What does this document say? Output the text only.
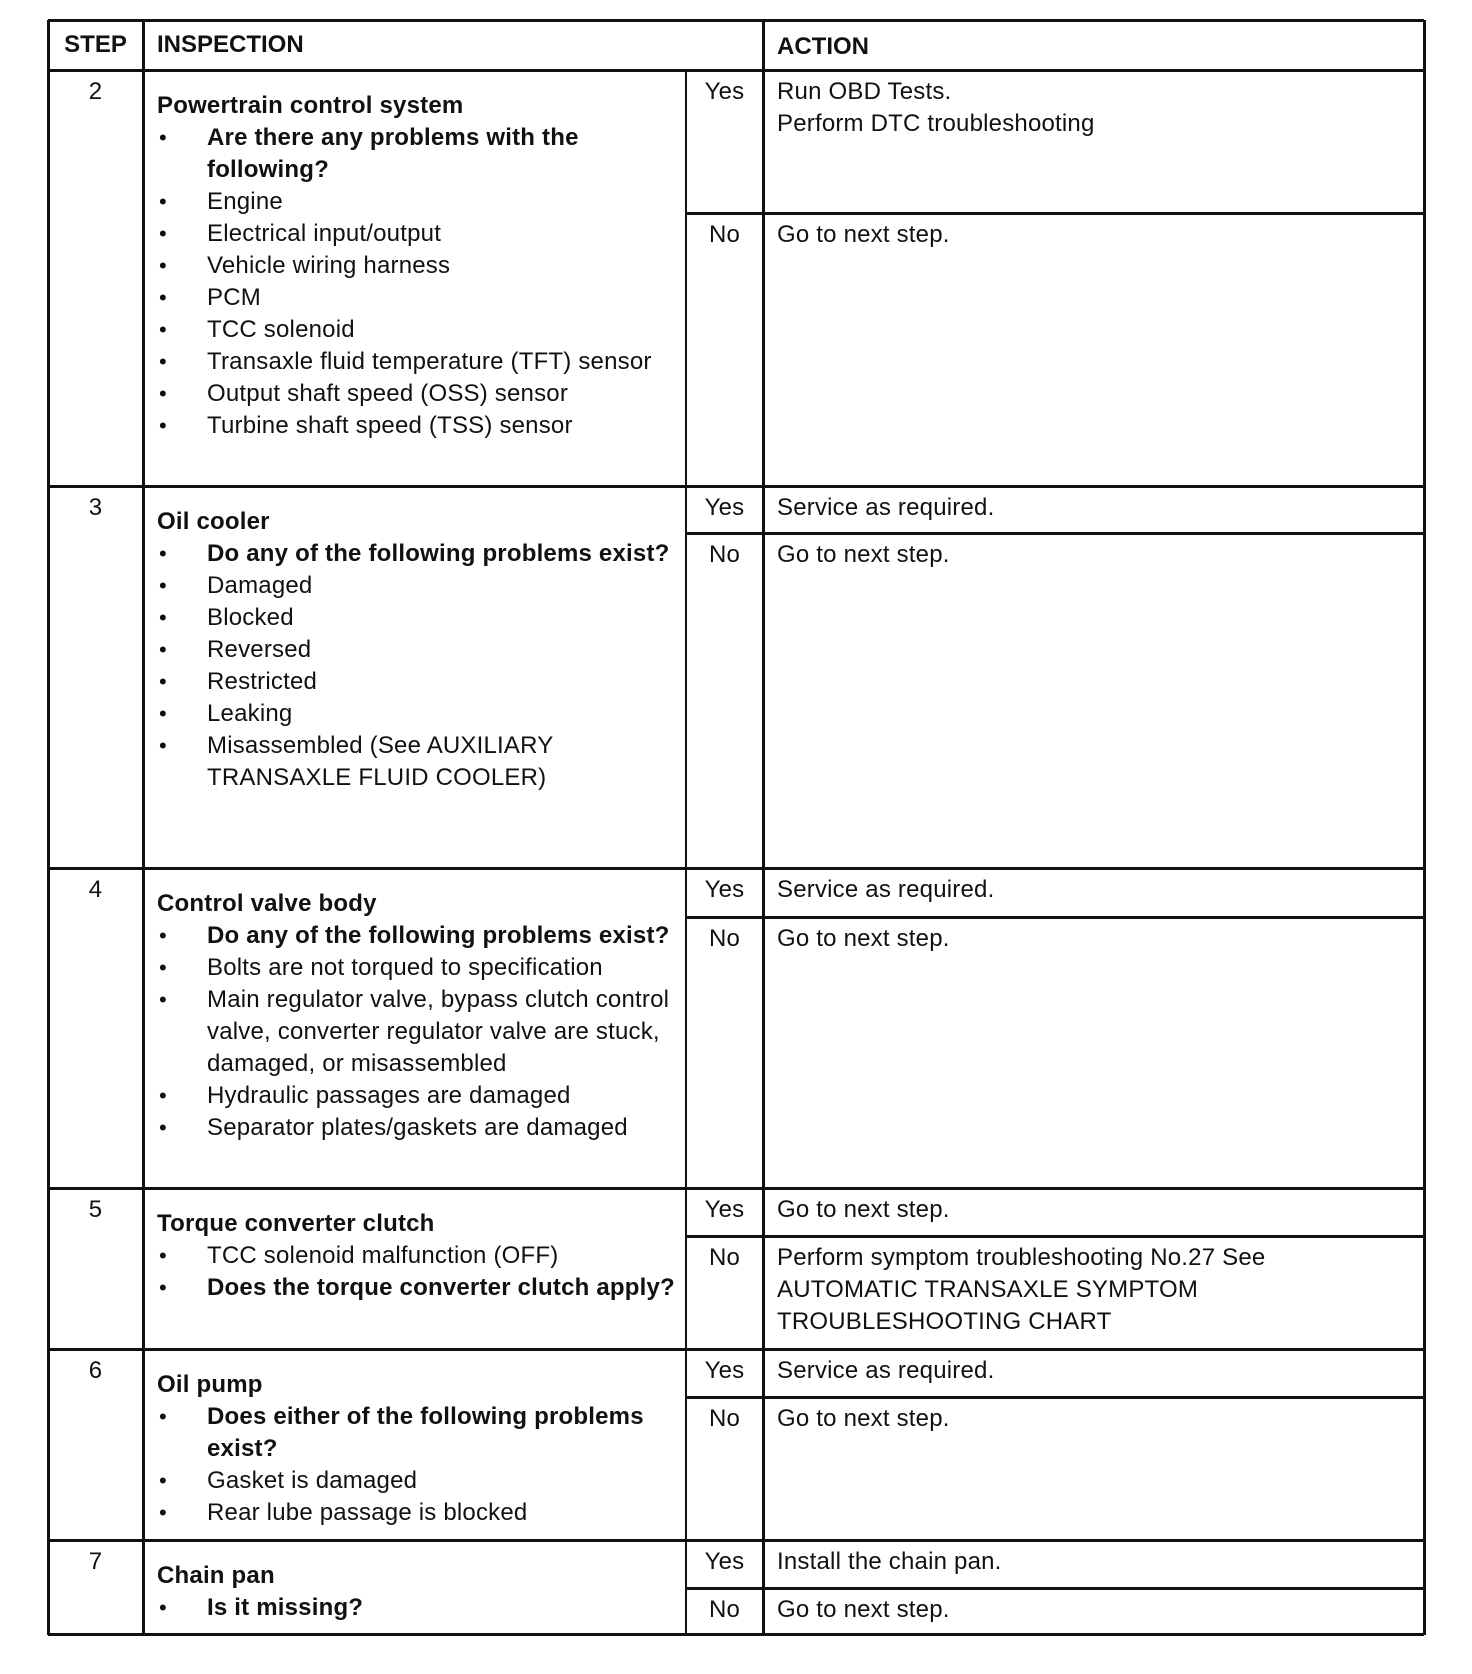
STEP	INSPECTION	ACTION
2
Powertrain control system
• Are there any problems with the following?
• Engine
• Electrical input/output
• Vehicle wiring harness
• PCM
• TCC solenoid
• Transaxle fluid temperature (TFT) sensor
• Output shaft speed (OSS) sensor
• Turbine shaft speed (TSS) sensor
Yes
No
Run OBD Tests.
Perform DTC troubleshooting
Go to next step.
3
Oil cooler
• Do any of the following problems exist?
• Damaged
• Blocked
• Reversed
• Restricted
• Leaking
• Misassembled (See AUXILIARY TRANSAXLE FLUID COOLER)
Yes
No
Service as required.
Go to next step.
4
Control valve body
• Do any of the following problems exist?
• Bolts are not torqued to specification
• Main regulator valve, bypass clutch control valve, converter regulator valve are stuck, damaged, or misassembled
• Hydraulic passages are damaged
• Separator plates/gaskets are damaged
Yes
No
Service as required.
Go to next step.
5
Torque converter clutch
• TCC solenoid malfunction (OFF)
• Does the torque converter clutch apply?
Yes
No
Go to next step.
Perform symptom troubleshooting No.27 See AUTOMATIC TRANSAXLE SYMPTOM TROUBLESHOOTING CHART
6
Oil pump
• Does either of the following problems exist?
• Gasket is damaged
• Rear lube passage is blocked
Yes
No
Service as required.
Go to next step.
7
Chain pan
• Is it missing?
Yes
No
Install the chain pan.
Go to next step.
